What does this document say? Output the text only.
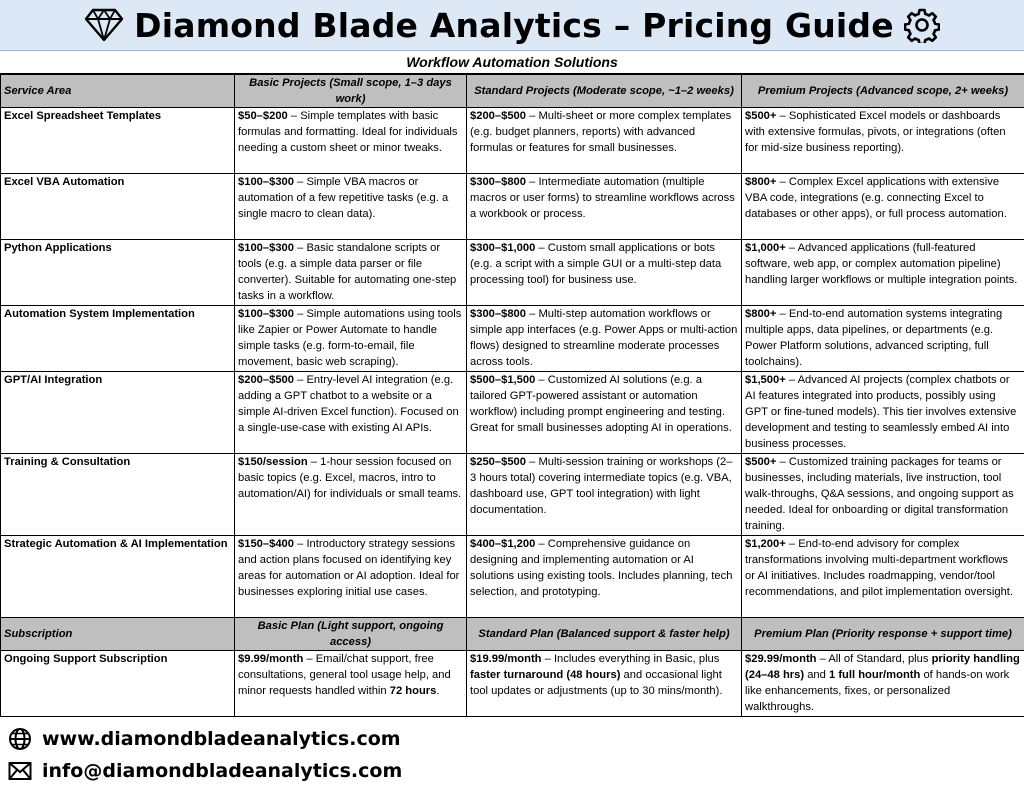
Diamond Blade Analytics – Pricing Guide
Workflow Automation Solutions
Service Area	Basic Projects (Small scope, 1–3 days work)	Standard Projects (Moderate scope, ~1–2 weeks)	Premium Projects (Advanced scope, 2+ weeks)
Excel Spreadsheet Templates	$50–$200 – Simple templates with basic formulas and formatting. Ideal for individuals needing a custom sheet or minor tweaks.	$200–$500 – Multi-sheet or more complex templates (e.g. budget planners, reports) with advanced formulas or features for small businesses.	$500+ – Sophisticated Excel models or dashboards with extensive formulas, pivots, or integrations (often for mid-size business reporting).
Excel VBA Automation	$100–$300 – Simple VBA macros or automation of a few repetitive tasks (e.g. a single macro to clean data).	$300–$800 – Intermediate automation (multiple macros or user forms) to streamline workflows across a workbook or process.	$800+ – Complex Excel applications with extensive VBA code, integrations (e.g. connecting Excel to databases or other apps), or full process automation.
Python Applications	$100–$300 – Basic standalone scripts or tools (e.g. a simple data parser or file converter). Suitable for automating one-step tasks in a workflow.	$300–$1,000 – Custom small applications or bots (e.g. a script with a simple GUI or a multi-step data processing tool) for business use.	$1,000+ – Advanced applications (full-featured software, web app, or complex automation pipeline) handling larger workflows or multiple integration points.
Automation System Implementation	$100–$300 – Simple automations using tools like Zapier or Power Automate to handle simple tasks (e.g. form-to-email, file movement, basic web scraping).	$300–$800 – Multi-step automation workflows or simple app interfaces (e.g. Power Apps or multi-action flows) designed to streamline moderate processes across tools.	$800+ – End-to-end automation systems integrating multiple apps, data pipelines, or departments (e.g. Power Platform solutions, advanced scripting, full toolchains).
GPT/AI Integration	$200–$500 – Entry-level AI integration (e.g. adding a GPT chatbot to a website or a simple AI-driven Excel function). Focused on a single-use-case with existing AI APIs.	$500–$1,500 – Customized AI solutions (e.g. a tailored GPT-powered assistant or automation workflow) including prompt engineering and testing. Great for small businesses adopting AI in operations.	$1,500+ – Advanced AI projects (complex chatbots or AI features integrated into products, possibly using GPT or fine-tuned models). This tier involves extensive development and testing to seamlessly embed AI into business processes.
Training & Consultation	$150/session – 1-hour session focused on basic topics (e.g. Excel, macros, intro to automation/AI) for individuals or small teams.	$250–$500 – Multi-session training or workshops (2–3 hours total) covering intermediate topics (e.g. VBA, dashboard use, GPT tool integration) with light documentation.	$500+ – Customized training packages for teams or businesses, including materials, live instruction, tool walk-throughs, Q&A sessions, and ongoing support as needed. Ideal for onboarding or digital transformation training.
Strategic Automation & AI Implementation	$150–$400 – Introductory strategy sessions and action plans focused on identifying key areas for automation or AI adoption. Ideal for businesses exploring initial use cases.	$400–$1,200 – Comprehensive guidance on designing and implementing automation or AI solutions using existing tools. Includes planning, tech selection, and prototyping.	$1,200+ – End-to-end advisory for complex transformations involving multi-department workflows or AI initiatives. Includes roadmapping, vendor/tool recommendations, and pilot implementation oversight.
Subscription	Basic Plan (Light support, ongoing access)	Standard Plan (Balanced support & faster help)	Premium Plan (Priority response + support time)
Ongoing Support Subscription	$9.99/month – Email/chat support, free consultations, general tool usage help, and minor requests handled within 72 hours.	$19.99/month – Includes everything in Basic, plus faster turnaround (48 hours) and occasional light tool updates or adjustments (up to 30 mins/month).	$29.99/month – All of Standard, plus priority handling (24–48 hrs) and 1 full hour/month of hands-on work like enhancements, fixes, or personalized walkthroughs.
www.diamondbladeanalytics.com
info@diamondbladeanalytics.com
